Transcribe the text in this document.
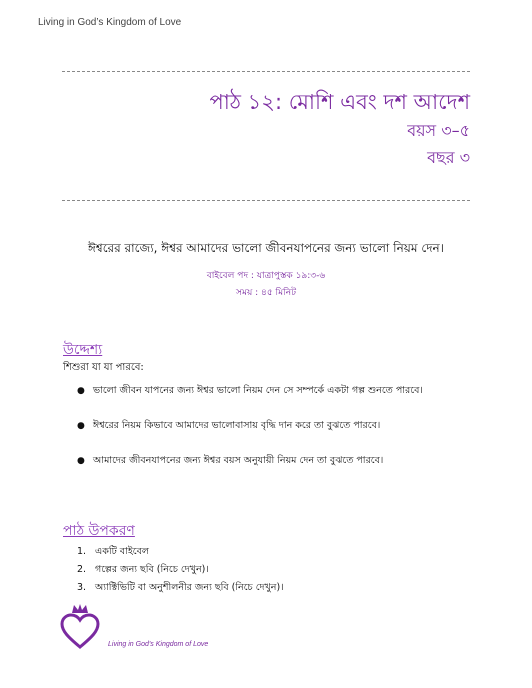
Living in God’s Kingdom of Love
পাঠ ১২: মোশি এবং দশ আদেশ
বয়স ৩–৫
বছর ৩
ঈশ্বরের রাজ্যে, ঈশ্বর আমাদের ভালো জীবনযাপনের জন্য ভালো নিয়ম দেন।
বাইবেল পদ : যাত্রাপুস্তক ১৯:৩-৬
সময় : ৪৫ মিনিট
উদ্দেশ্য
শিশুরা যা যা পারবে:
● ভালো জীবন যাপনের জন্য ঈশ্বর ভালো নিয়ম দেন সে সম্পর্কে একটা গল্প শুনতে পারবে।
● ঈশ্বরের নিয়ম কিভাবে আমাদের ভালোবাসায় বৃদ্ধি দান করে তা বুঝতে পারবে।
● আমাদের জীবনযাপনের জন্য ঈশ্বর বয়স অনুযায়ী নিয়ম দেন তা বুঝতে পারবে।
পাঠ উপকরণ
1. একটি বাইবেল
2. গল্পের জন্য ছবি (নিচে দেখুন)।
3. অ্যাক্টিভিটি বা অনুশীলনীর জন্য ছবি (নিচে দেখুন)।
Living in God’s Kingdom of Love
